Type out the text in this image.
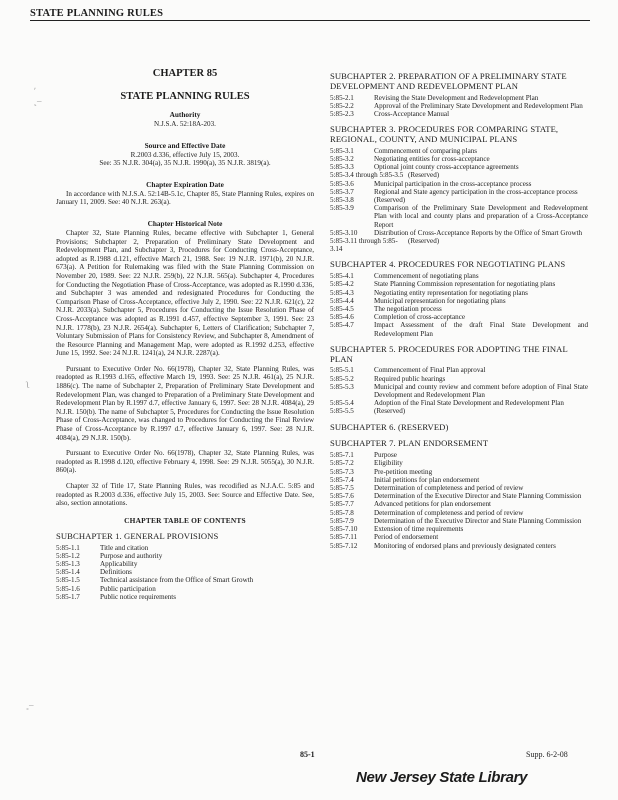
STATE PLANNING RULES
ʹ
˛–
ʅ
˳–
CHAPTER 85
STATE PLANNING RULES
Authority
N.J.S.A. 52:18A-203.
Source and Effective Date
R.2003 d.336, effective July 15, 2003.
See: 35 N.J.R. 304(a), 35 N.J.R. 1990(a), 35 N.J.R. 3819(a).
Chapter Expiration Date

In accordance with N.J.S.A. 52:14B-5.1c, Chapter 85, State Planning Rules, expires on January 11, 2009. See: 40 N.J.R. 263(a).

Chapter Historical Note

Chapter 32, State Planning Rules, became effective with Subchapter 1, General Provisions; Subchapter 2, Preparation of Preliminary State Development and Redevelopment Plan, and Subchapter 3, Procedures for Conducting Cross-Acceptance, adopted as R.1988 d.121, effective March 21, 1988. See: 19 N.J.R. 1971(b), 20 N.J.R. 673(a). A Petition for Rulemaking was filed with the State Planning Commission on November 20, 1989. See: 22 N.J.R. 259(b), 22 N.J.R. 565(a). Subchapter 4, Procedures for Conducting the Negotiation Phase of Cross-Acceptance, was adopted as R.1990 d.336, and Subchapter 3 was amended and redesignated Procedures for Conducting the Comparison Phase of Cross-Acceptance, effective July 2, 1990. See: 22 N.J.R. 621(c), 22 N.J.R. 2033(a). Subchapter 5, Procedures for Conducting the Issue Resolution Phase of Cross-Acceptance was adopted as R.1991 d.457, effective September 3, 1991. See: 23 N.J.R. 1778(b), 23 N.J.R. 2654(a). Subchapter 6, Letters of Clarification; Subchapter 7, Voluntary Submission of Plans for Consistency Review, and Subchapter 8, Amendment of the Resource Planning and Management Map, were adopted as R.1992 d.253, effective June 15, 1992. See: 24 N.J.R. 1241(a), 24 N.J.R. 2287(a).

Pursuant to Executive Order No. 66(1978), Chapter 32, State Planning Rules, was readopted as R.1993 d.165, effective March 19, 1993. See: 25 N.J.R. 461(a), 25 N.J.R. 1886(c). The name of Subchapter 2, Preparation of Preliminary State Development and Redevelopment Plan, was changed to Preparation of a Preliminary State Development and Redevelopment Plan by R.1997 d.7, effective January 6, 1997. See: 28 N.J.R. 4084(a), 29 N.J.R. 150(b). The name of Subchapter 5, Procedures for Conducting the Issue Resolution Phase of Cross-Acceptance, was changed to Procedures for Conducting the Final Review Phase of Cross-Acceptance by R.1997 d.7, effective January 6, 1997. See: 28 N.J.R. 4084(a), 29 N.J.R. 150(b).

Pursuant to Executive Order No. 66(1978), Chapter 32, State Planning Rules, was readopted as R.1998 d.120, effective February 4, 1998. See: 29 N.J.R. 5055(a), 30 N.J.R. 860(a).

Chapter 32 of Title 17, State Planning Rules, was recodified as N.J.A.C. 5:85 and readopted as R.2003 d.336, effective July 15, 2003. See: Source and Effective Date. See, also, section annotations.

CHAPTER TABLE OF CONTENTS
SUBCHAPTER 1. GENERAL PROVISIONS
5:85-1.1	Title and citation
5:85-1.2	Purpose and authority
5:85-1.3	Applicability
5:85-1.4	Definitions
5:85-1.5	Technical assistance from the Office of Smart Growth
5:85-1.6	Public participation
5:85-1.7	Public notice requirements
SUBCHAPTER 2. PREPARATION OF A PRELIMINARY STATE DEVELOPMENT AND REDEVELOPMENT PLAN
5:85-2.1	Revising the State Development and Redevelopment Plan
5:85-2.2	Approval of the Preliminary State Development and Redevelopment Plan
5:85-2.3	Cross-Acceptance Manual
SUBCHAPTER 3. PROCEDURES FOR COMPARING STATE, REGIONAL, COUNTY, AND MUNICIPAL PLANS
5:85-3.1	Commencement of comparing plans
5:85-3.2	Negotiating entities for cross-acceptance
5:85-3.3	Optional joint county cross-acceptance agreements
5:85-3.4 through 5:85-3.5 (Reserved)
5:85-3.6	Municipal participation in the cross-acceptance process
5:85-3.7	Regional and State agency participation in the cross-acceptance process
5:85-3.8	(Reserved)
5:85-3.9	Comparison of the Preliminary State Development and Redevelopment Plan with local and county plans and preparation of a Cross-Acceptance Report
5:85-3.10	Distribution of Cross-Acceptance Reports by the Office of Smart Growth
5:85-3.11 through 5:85-3.14
(Reserved)
SUBCHAPTER 4. PROCEDURES FOR NEGOTIATING PLANS
5:85-4.1	Commencement of negotiating plans
5:85-4.2	State Planning Commission representation for negotiating plans
5:85-4.3	Negotiating entity representation for negotiating plans
5:85-4.4	Municipal representation for negotiating plans
5:85-4.5	The negotiation process
5:85-4.6	Completion of cross-acceptance
5:85-4.7	Impact Assessment of the draft Final State Development and Redevelopment Plan
SUBCHAPTER 5. PROCEDURES FOR ADOPTING THE FINAL PLAN
5:85-5.1	Commencement of Final Plan approval
5:85-5.2	Required public hearings
5:85-5.3	Municipal and county review and comment before adoption of Final State Development and Redevelopment Plan
5:85-5.4	Adoption of the Final State Development and Redevelopment Plan
5:85-5.5	(Reserved)
SUBCHAPTER 6. (RESERVED)
SUBCHAPTER 7. PLAN ENDORSEMENT
5:85-7.1	Purpose
5:85-7.2	Eligibility
5:85-7.3	Pre-petition meeting
5:85-7.4	Initial petitions for plan endorsement
5:85-7.5	Determination of completeness and period of review
5:85-7.6	Determination of the Executive Director and State Planning Commission
5:85-7.7	Advanced petitions for plan endorsement
5:85-7.8	Determination of completeness and period of review
5:85-7.9	Determination of the Executive Director and State Planning Commission
5:85-7.10	Extension of time requirements
5:85-7.11	Period of endorsement
5:85-7.12	Monitoring of endorsed plans and previously designated centers
85-1	Supp. 6-2-08
New Jersey State Library
